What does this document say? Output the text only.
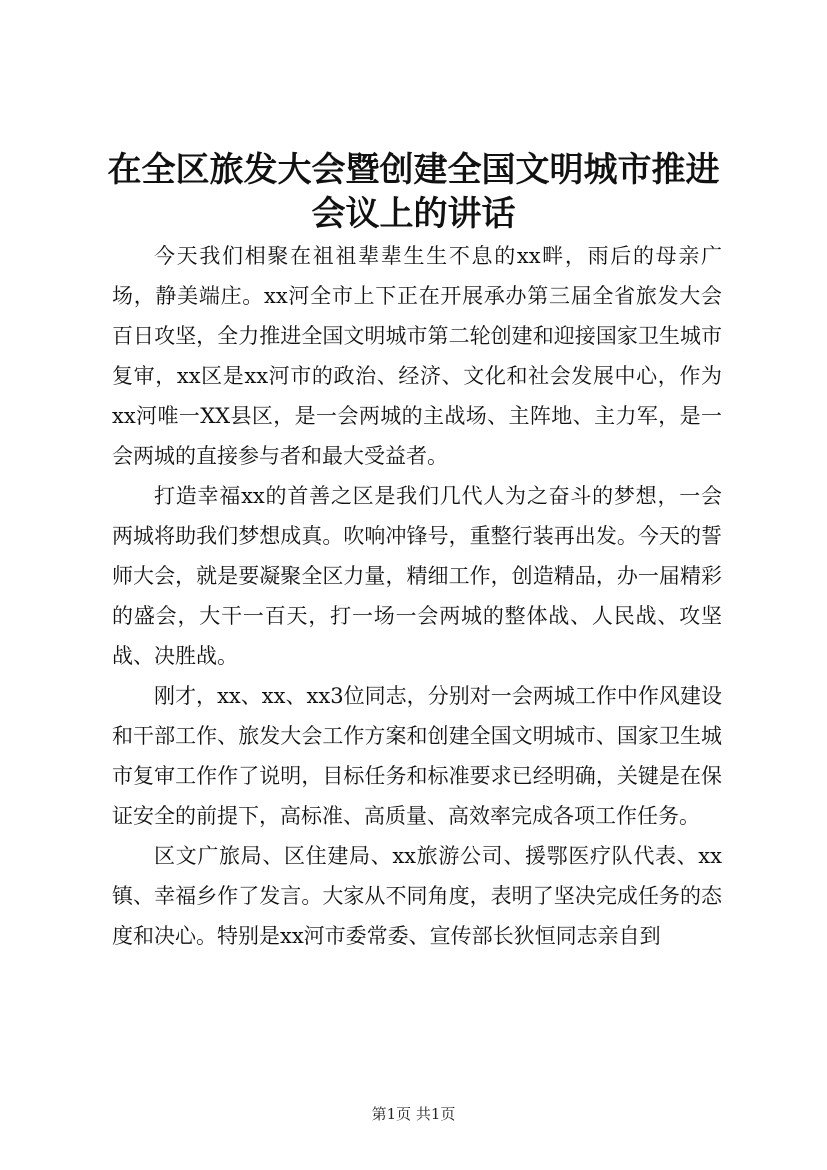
在全区旅发大会暨创建全国文明城市推进会议上的讲话

今天我们相聚在祖祖辈辈生生不息的xx畔，雨后的母亲广场，静美端庄。xx河全市上下正在开展承办第三届全省旅发大会百日攻坚，全力推进全国文明城市第二轮创建和迎接国家卫生城市复审，xx区是xx河市的政治、经济、文化和社会发展中心，作为xx河唯一XX县区，是一会两城的主战场、主阵地、主力军，是一会两城的直接参与者和最大受益者。

打造幸福xx的首善之区是我们几代人为之奋斗的梦想，一会两城将助我们梦想成真。吹响冲锋号，重整行装再出发。今天的誓师大会，就是要凝聚全区力量，精细工作，创造精品，办一届精彩的盛会，大干一百天，打一场一会两城的整体战、人民战、攻坚战、决胜战。

刚才，xx、xx、xx3位同志，分别对一会两城工作中作风建设和干部工作、旅发大会工作方案和创建全国文明城市、国家卫生城市复审工作作了说明，目标任务和标准要求已经明确，关键是在保证安全的前提下，高标准、高质量、高效率完成各项工作任务。

区文广旅局、区住建局、xx旅游公司、援鄂医疗队代表、xx镇、幸福乡作了发言。大家从不同角度，表明了坚决完成任务的态度和决心。特别是xx河市委常委、宣传部长狄恒同志亲自到

第1页 共1页
